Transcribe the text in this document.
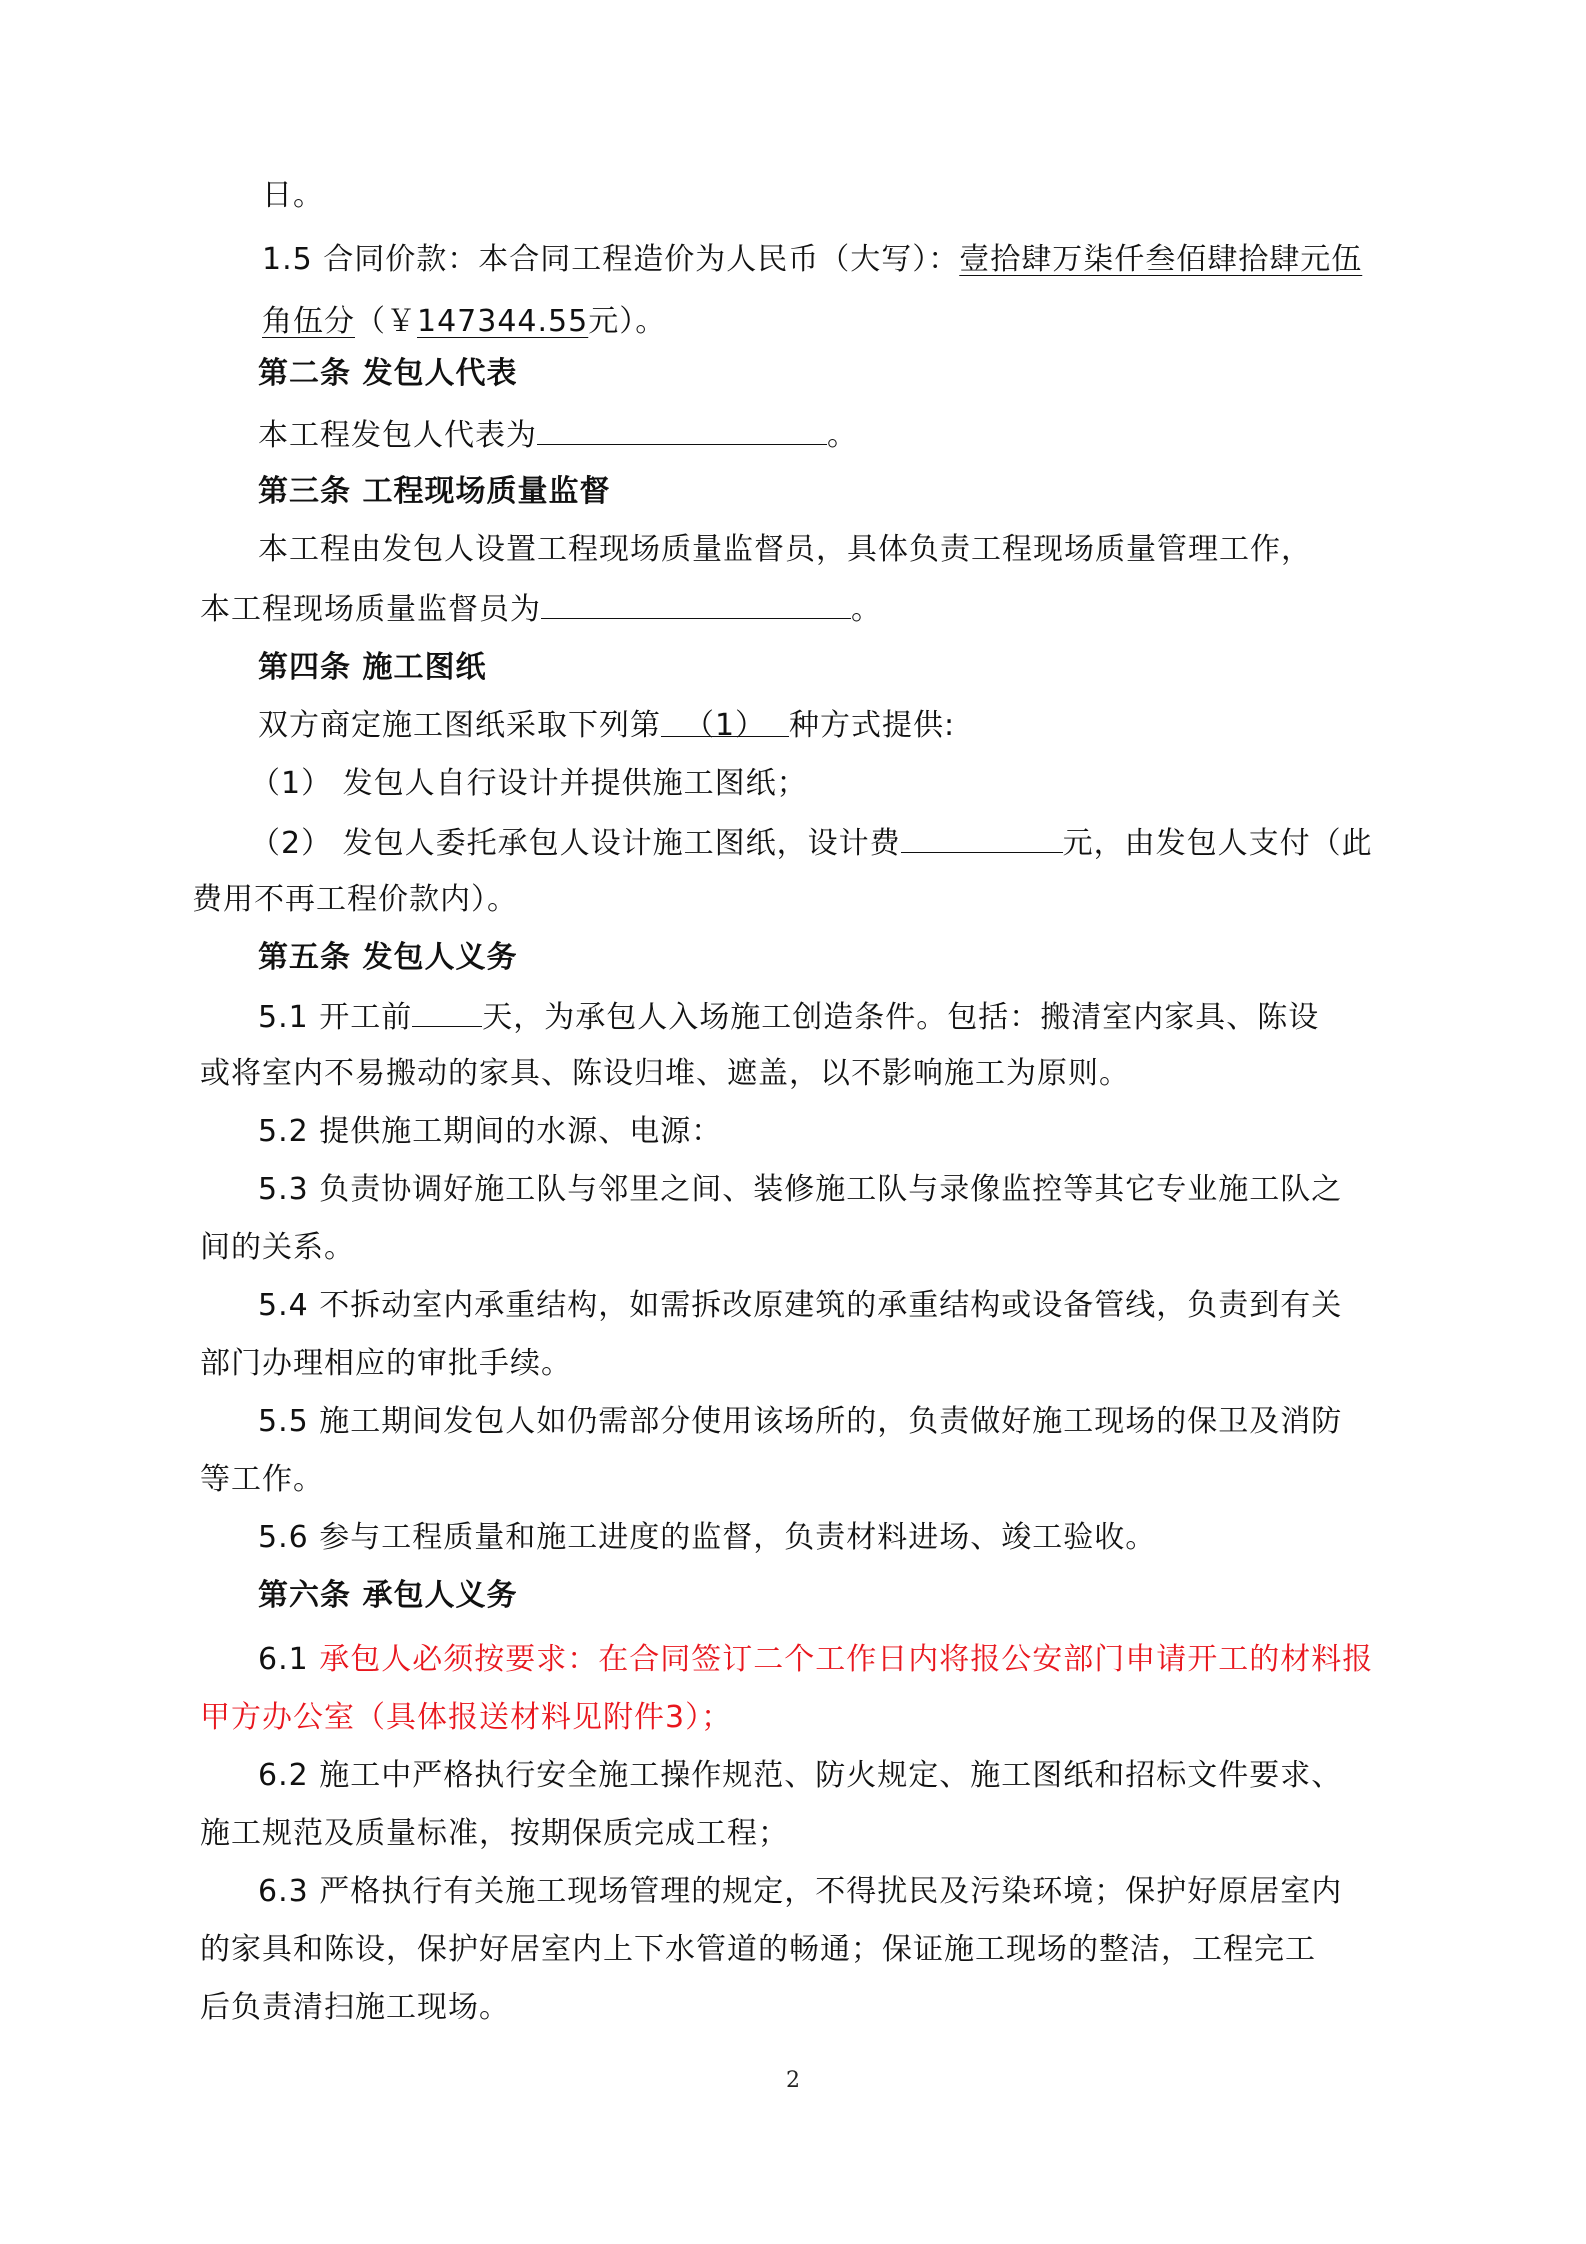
日。
1.5 合同价款：本合同工程造价为人民币（大写）：壹拾肆万柒仟叁佰肆拾肆元伍
角伍分（￥147344.55元）。
第二条 发包人代表
本工程发包人代表为	。
第三条 工程现场质量监督
本工程由发包人设置工程现场质量监督员，具体负责工程现场质量管理工作，
本工程现场质量监督员为	。
第四条 施工图纸
双方商定施工图纸采取下列第 （1） 种方式提供:
（1） 发包人自行设计并提供施工图纸；
（2） 发包人委托承包人设计施工图纸，设计费	元，由发包人支付（此
费用不再工程价款内）。
第五条 发包人义务
5.1 开工前 天，为承包人入场施工创造条件。包括：搬清室内家具、陈设
或将室内不易搬动的家具、陈设归堆、遮盖，以不影响施工为原则。
5.2 提供施工期间的水源、电源：
5.3 负责协调好施工队与邻里之间、装修施工队与录像监控等其它专业施工队之
间的关系。
5.4 不拆动室内承重结构，如需拆改原建筑的承重结构或设备管线，负责到有关
部门办理相应的审批手续。
5.5 施工期间发包人如仍需部分使用该场所的，负责做好施工现场的保卫及消防
等工作。
5.6 参与工程质量和施工进度的监督，负责材料进场、竣工验收。
第六条 承包人义务
6.1 承包人必须按要求：在合同签订二个工作日内将报公安部门申请开工的材料报
甲方办公室（具体报送材料见附件3）；
6.2 施工中严格执行安全施工操作规范、防火规定、施工图纸和招标文件要求、
施工规范及质量标准，按期保质完成工程；
6.3 严格执行有关施工现场管理的规定，不得扰民及污染环境；保护好原居室内
的家具和陈设，保护好居室内上下水管道的畅通；保证施工现场的整洁，工程完工
后负责清扫施工现场。
2
